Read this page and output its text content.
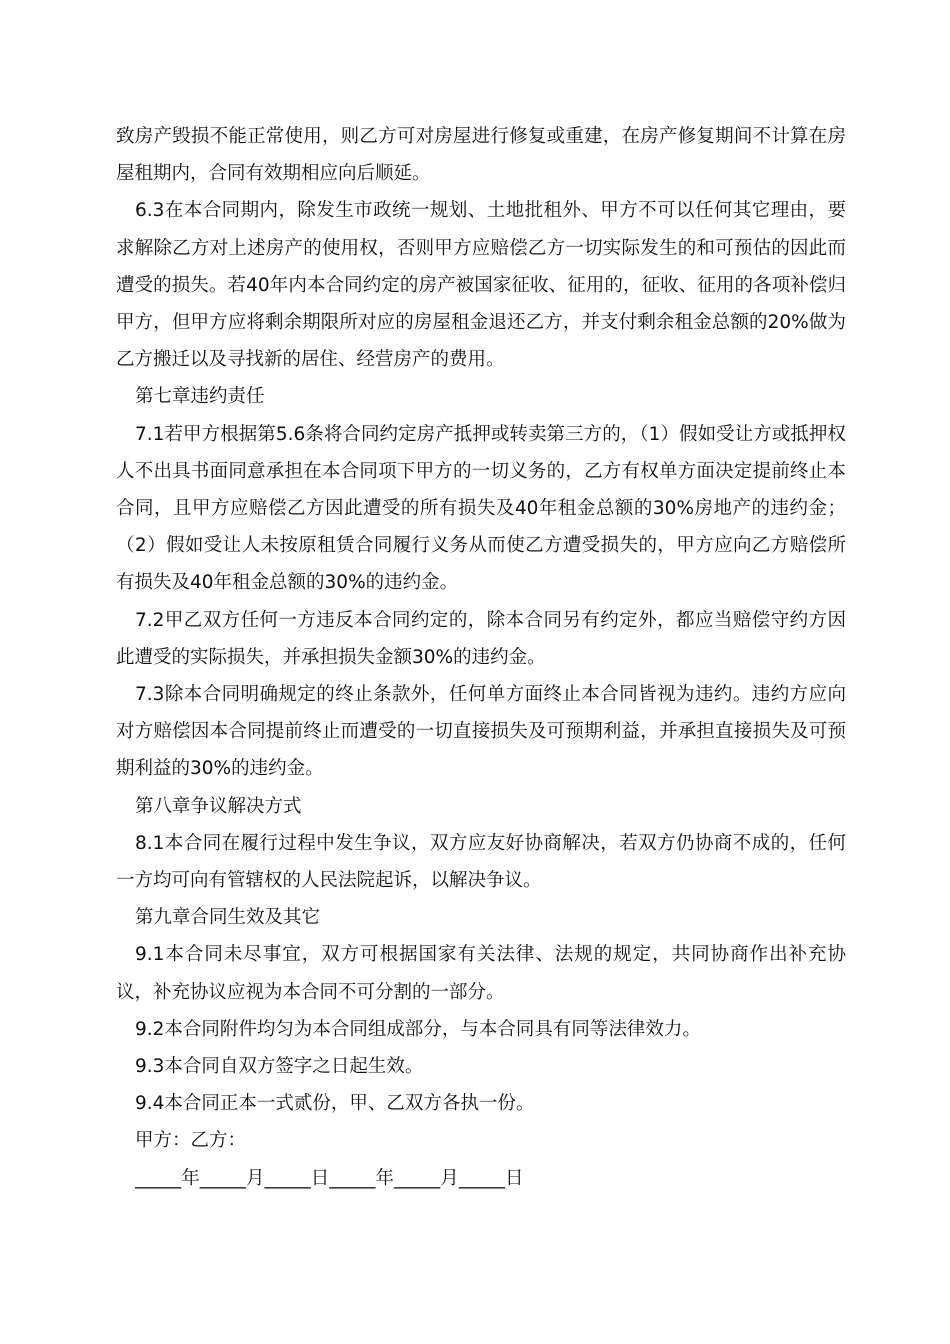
致房产毁损不能正常使用，则乙方可对房屋进行修复或重建，在房产修复期间不计算在房屋租期内，合同有效期相应向后顺延。

6.3在本合同期内，除发生市政统一规划、土地批租外、甲方不可以任何其它理由，要求解除乙方对上述房产的使用权，否则甲方应赔偿乙方一切实际发生的和可预估的因此而遭受的损失。若40年内本合同约定的房产被国家征收、征用的，征收、征用的各项补偿归甲方，但甲方应将剩余期限所对应的房屋租金退还乙方，并支付剩余租金总额的20%做为乙方搬迁以及寻找新的居住、经营房产的费用。

第七章违约责任

7.1若甲方根据第5.6条将合同约定房产抵押或转卖第三方的，（1）假如受让方或抵押权人不出具书面同意承担在本合同项下甲方的一切义务的，乙方有权单方面决定提前终止本合同，且甲方应赔偿乙方因此遭受的所有损失及40年租金总额的30%房地产的违约金；（2）假如受让人未按原租赁合同履行义务从而使乙方遭受损失的，甲方应向乙方赔偿所有损失及40年租金总额的30%的违约金。

7.2甲乙双方任何一方违反本合同约定的，除本合同另有约定外，都应当赔偿守约方因此遭受的实际损失，并承担损失金额30%的违约金。

7.3除本合同明确规定的终止条款外，任何单方面终止本合同皆视为违约。违约方应向对方赔偿因本合同提前终止而遭受的一切直接损失及可预期利益，并承担直接损失及可预期利益的30%的违约金。

第八章争议解决方式

8.1本合同在履行过程中发生争议，双方应友好协商解决，若双方仍协商不成的，任何一方均可向有管辖权的人民法院起诉，以解决争议。

第九章合同生效及其它

9.1本合同未尽事宜，双方可根据国家有关法律、法规的规定，共同协商作出补充协议，补充协议应视为本合同不可分割的一部分。

9.2本合同附件均匀为本合同组成部分，与本合同具有同等法律效力。

9.3本合同自双方签字之日起生效。

9.4本合同正本一式贰份，甲、乙双方各执一份。

甲方：乙方：

_____年_____月_____日_____年_____月_____日
